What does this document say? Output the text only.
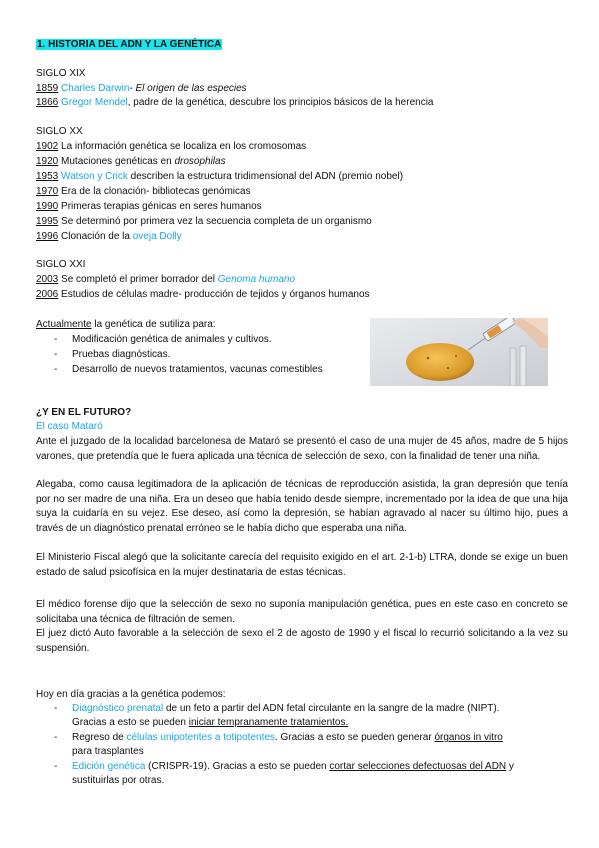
1. HISTORIA DEL ADN Y LA GENÉTICA
SIGLO XIX
1859 Charles Darwin- El origen de las especies
1866 Gregor Mendel, padre de la genética, descubre los principios básicos de la herencia
SIGLO XX
1902 La información genética se localiza en los cromosomas
1920 Mutaciones genéticas en drosophilas
1953 Watson y Crick describen la estructura tridimensional del ADN (premio nobel)
1970 Era de la clonación- bibliotecas genómicas
1990 Primeras terapias génicas en seres humanos
1995 Se determinó por primera vez la secuencia completa de un organismo
1996 Clonación de la oveja Dolly
SIGLO XXI
2003 Se completó el primer borrador del Genoma humano
2006 Estudios de células madre- producción de tejidos y órganos humanos
Actualmente la genética de sutiliza para:
- Modificación genética de animales y cultivos.
- Pruebas diagnósticas.
- Desarrollo de nuevos tratamientos, vacunas comestibles
¿Y EN EL FUTURO?
El caso Mataró
Ante el juzgado de la localidad barcelonesa de Mataró se presentó el caso de una mujer de 45 años, madre de 5 hijos varones, que pretendía que le fuera aplicada una técnica de selección de sexo, con la finalidad de tener una niña.
Alegaba, como causa legitimadora de la aplicación de técnicas de reproducción asistida, la gran depresión que tenía por no ser madre de una niña. Era un deseo que había tenido desde siempre, incrementado por la idea de que una hija suya la cuidaría en su vejez. Ese deseo, así como la depresión, se habían agravado al nacer su último hijo, pues a través de un diagnóstico prenatal erróneo se le había dicho que esperaba una niña.
El Ministerio Fiscal alegó que la solicitante carecía del requisito exigido en el art. 2-1-b) LTRA, donde se exige un buen estado de salud psicofísica en la mujer destinataria de estas técnicas.
El médico forense dijo que la selección de sexo no suponía manipulación genética, pues en este caso en concreto se solicitaba una técnica de filtración de semen.
El juez dictó Auto favorable a la selección de sexo el 2 de agosto de 1990 y el fiscal lo recurrió solicitando a la vez su suspensión.
Hoy en día gracias a la genética podemos:
- Diagnóstico prenatal de un feto a partir del ADN fetal circulante en la sangre de la madre (NIPT).
Gracias a esto se pueden iniciar tempranamente tratamientos.
- Regreso de células unipotentes a totipotentes. Gracias a esto se pueden generar órganos in vitro
para trasplantes
- Edición genética (CRISPR-19). Gracias a esto se pueden cortar selecciones defectuosas del ADN y
sustituirlas por otras.
